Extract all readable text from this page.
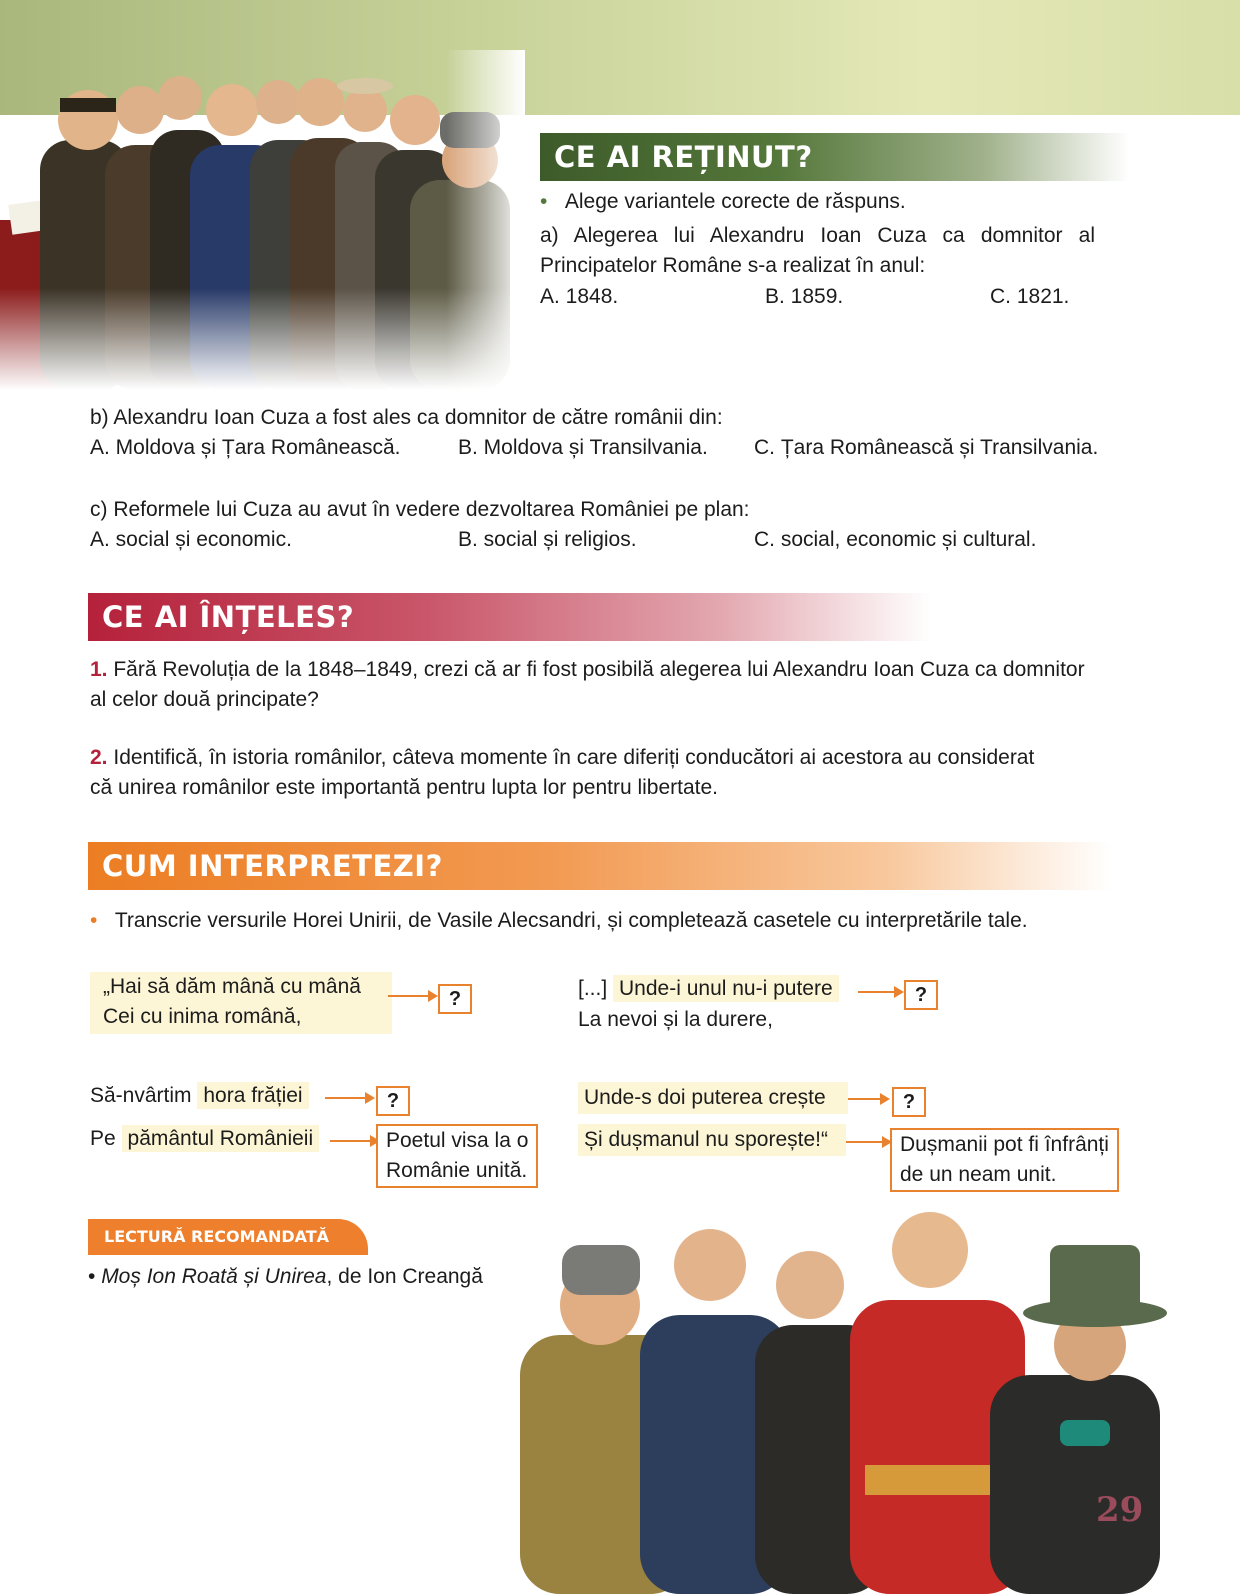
CE AI REȚINUT?
•   Alege variantele corecte de răspuns.
a) Alegerea lui Alexandru Ioan Cuza ca domnitor al
Principatelor Române s-a realizat în anul:
A. 1848.	B. 1859.	C. 1821.
b) Alexandru Ioan Cuza a fost ales ca domnitor de către românii din:
A. Moldova și Țara Românească.	B. Moldova și Transilvania. C. Țara Românească și Transilvania.
c) Reformele lui Cuza au avut în vedere dezvoltarea României pe plan:
A. social și economic.	B. social și religios.	C. social, economic și cultural.
CE AI ÎNȚELES?
1. Fără Revoluția de la 1848–1849, crezi că ar fi fost posibilă alegerea lui Alexandru Ioan Cuza ca domnitor
al celor două principate?
2. Identifică, în istoria românilor, câteva momente în care diferiți conducători ai acestora au considerat
că unirea românilor este importantă pentru lupta lor pentru libertate.
CUM INTERPRETEZI?
•   Transcrie versurile Horei Unirii, de Vasile Alecsandri, și completează casetele cu interpretările tale.
„Hai să dăm mână cu mână
Cei cu inima română,
?
Să-nvârtim hora frăției	?
Pe pământul Românieii	Poetul visa la o
Românie unită.
[...] Unde-i unul nu-i putere	?
La nevoi și la durere,
Unde-s doi puterea crește	?
Și dușmanul nu sporește!“	Dușmanii pot fi înfrânți
de un neam unit.
LECTURĂ RECOMANDATĂ
• Moș Ion Roată și Unirea, de Ion Creangă
29
